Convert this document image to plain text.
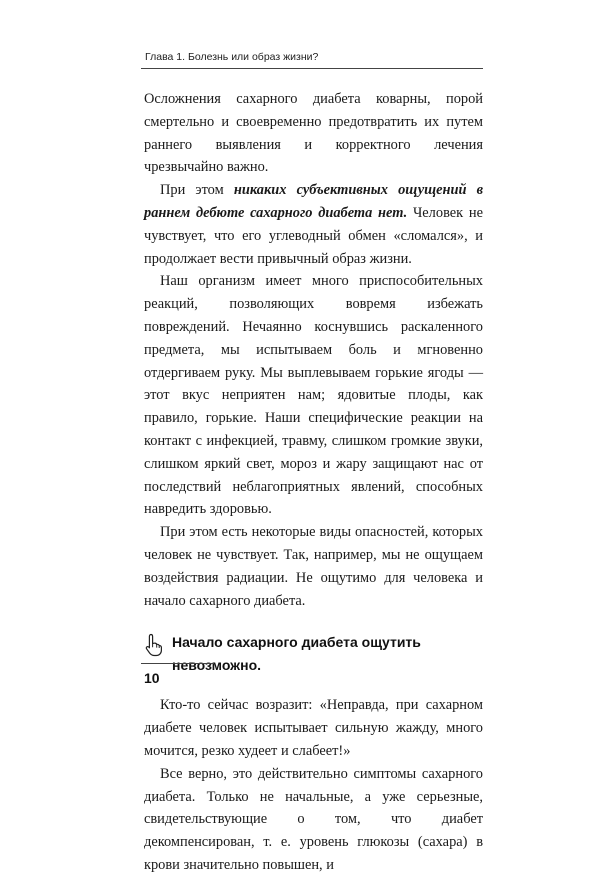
Глава 1. Болезнь или образ жизни?

Осложнения сахарного диабета коварны, порой смертельно и своевременно предотвратить их путем раннего выявления и корректного лечения чрезвычайно важно.

При этом никаких субъективных ощущений в раннем дебюте сахарного диабета нет. Человек не чувствует, что его углеводный обмен «сломался», и продолжает вести привычный образ жизни.

Наш организм имеет много приспособительных реакций, позволяющих вовремя избежать повреждений. Нечаянно коснувшись раскаленного предмета, мы испытываем боль и мгновенно отдергиваем руку. Мы выплевываем горькие ягоды — этот вкус неприятен нам; ядовитые плоды, как правило, горькие. Наши специфические реакции на контакт с инфекцией, травму, слишком громкие звуки, слишком яркий свет, мороз и жару защищают нас от последствий неблагоприятных явлений, способных навредить здоровью.

При этом есть некоторые виды опасностей, которых человек не чувствует. Так, например, мы не ощущаем воздействия радиации. Не ощутимо для человека и начало сахарного диабета.

Начало сахарного диабета ощутить невозможно.

Кто-то сейчас возразит: «Неправда, при сахарном диабете человек испытывает сильную жажду, много мочится, резко худеет и слабеет!»

Все верно, это действительно симптомы сахарного диабета. Только не начальные, а уже серьезные, свидетельствующие о том, что диабет декомпенсирован, т. е. уровень глюкозы (сахара) в крови значительно повышен, и

10
